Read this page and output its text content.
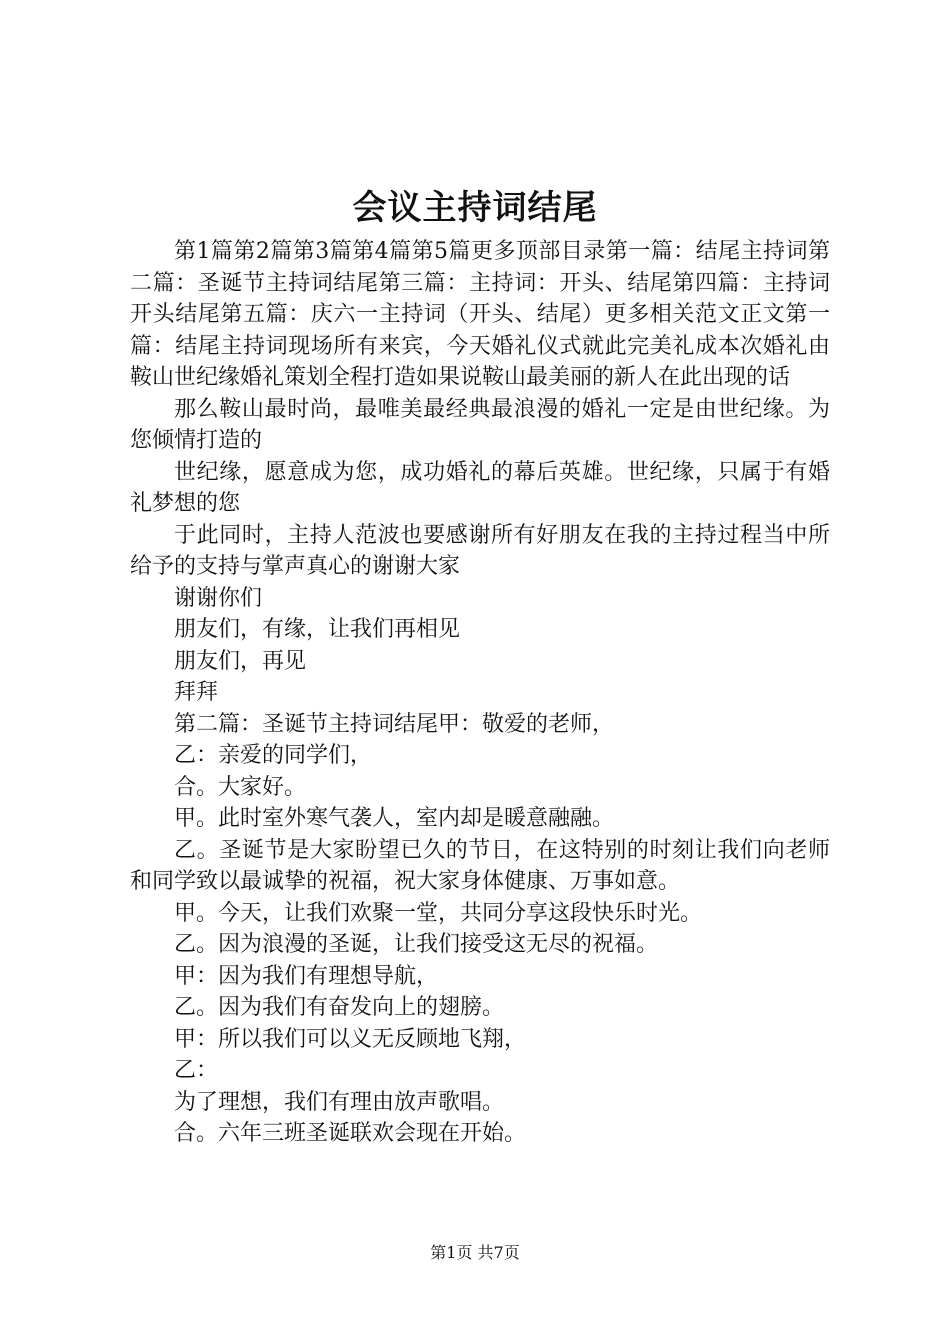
会议主持词结尾

第1篇第2篇第3篇第4篇第5篇更多顶部目录第一篇：结尾主持词第二篇：圣诞节主持词结尾第三篇：主持词：开头、结尾第四篇：主持词开头结尾第五篇：庆六一主持词（开头、结尾）更多相关范文正文第一篇：结尾主持词现场所有来宾，今天婚礼仪式就此完美礼成本次婚礼由鞍山世纪缘婚礼策划全程打造如果说鞍山最美丽的新人在此出现的话

那么鞍山最时尚，最唯美最经典最浪漫的婚礼一定是由世纪缘。为您倾情打造的

世纪缘，愿意成为您，成功婚礼的幕后英雄。世纪缘，只属于有婚礼梦想的您

于此同时，主持人范波也要感谢所有好朋友在我的主持过程当中所给予的支持与掌声真心的谢谢大家

谢谢你们

朋友们，有缘，让我们再相见

朋友们，再见

拜拜

第二篇：圣诞节主持词结尾甲：敬爱的老师，

乙：亲爱的同学们，

合。大家好。

甲。此时室外寒气袭人，室内却是暖意融融。

乙。圣诞节是大家盼望已久的节日，在这特别的时刻让我们向老师和同学致以最诚挚的祝福，祝大家身体健康、万事如意。

甲。今天，让我们欢聚一堂，共同分享这段快乐时光。

乙。因为浪漫的圣诞，让我们接受这无尽的祝福。

甲：因为我们有理想导航，

乙。因为我们有奋发向上的翅膀。

甲：所以我们可以义无反顾地飞翔，

乙：

为了理想，我们有理由放声歌唱。

合。六年三班圣诞联欢会现在开始。

第1页 共7页
